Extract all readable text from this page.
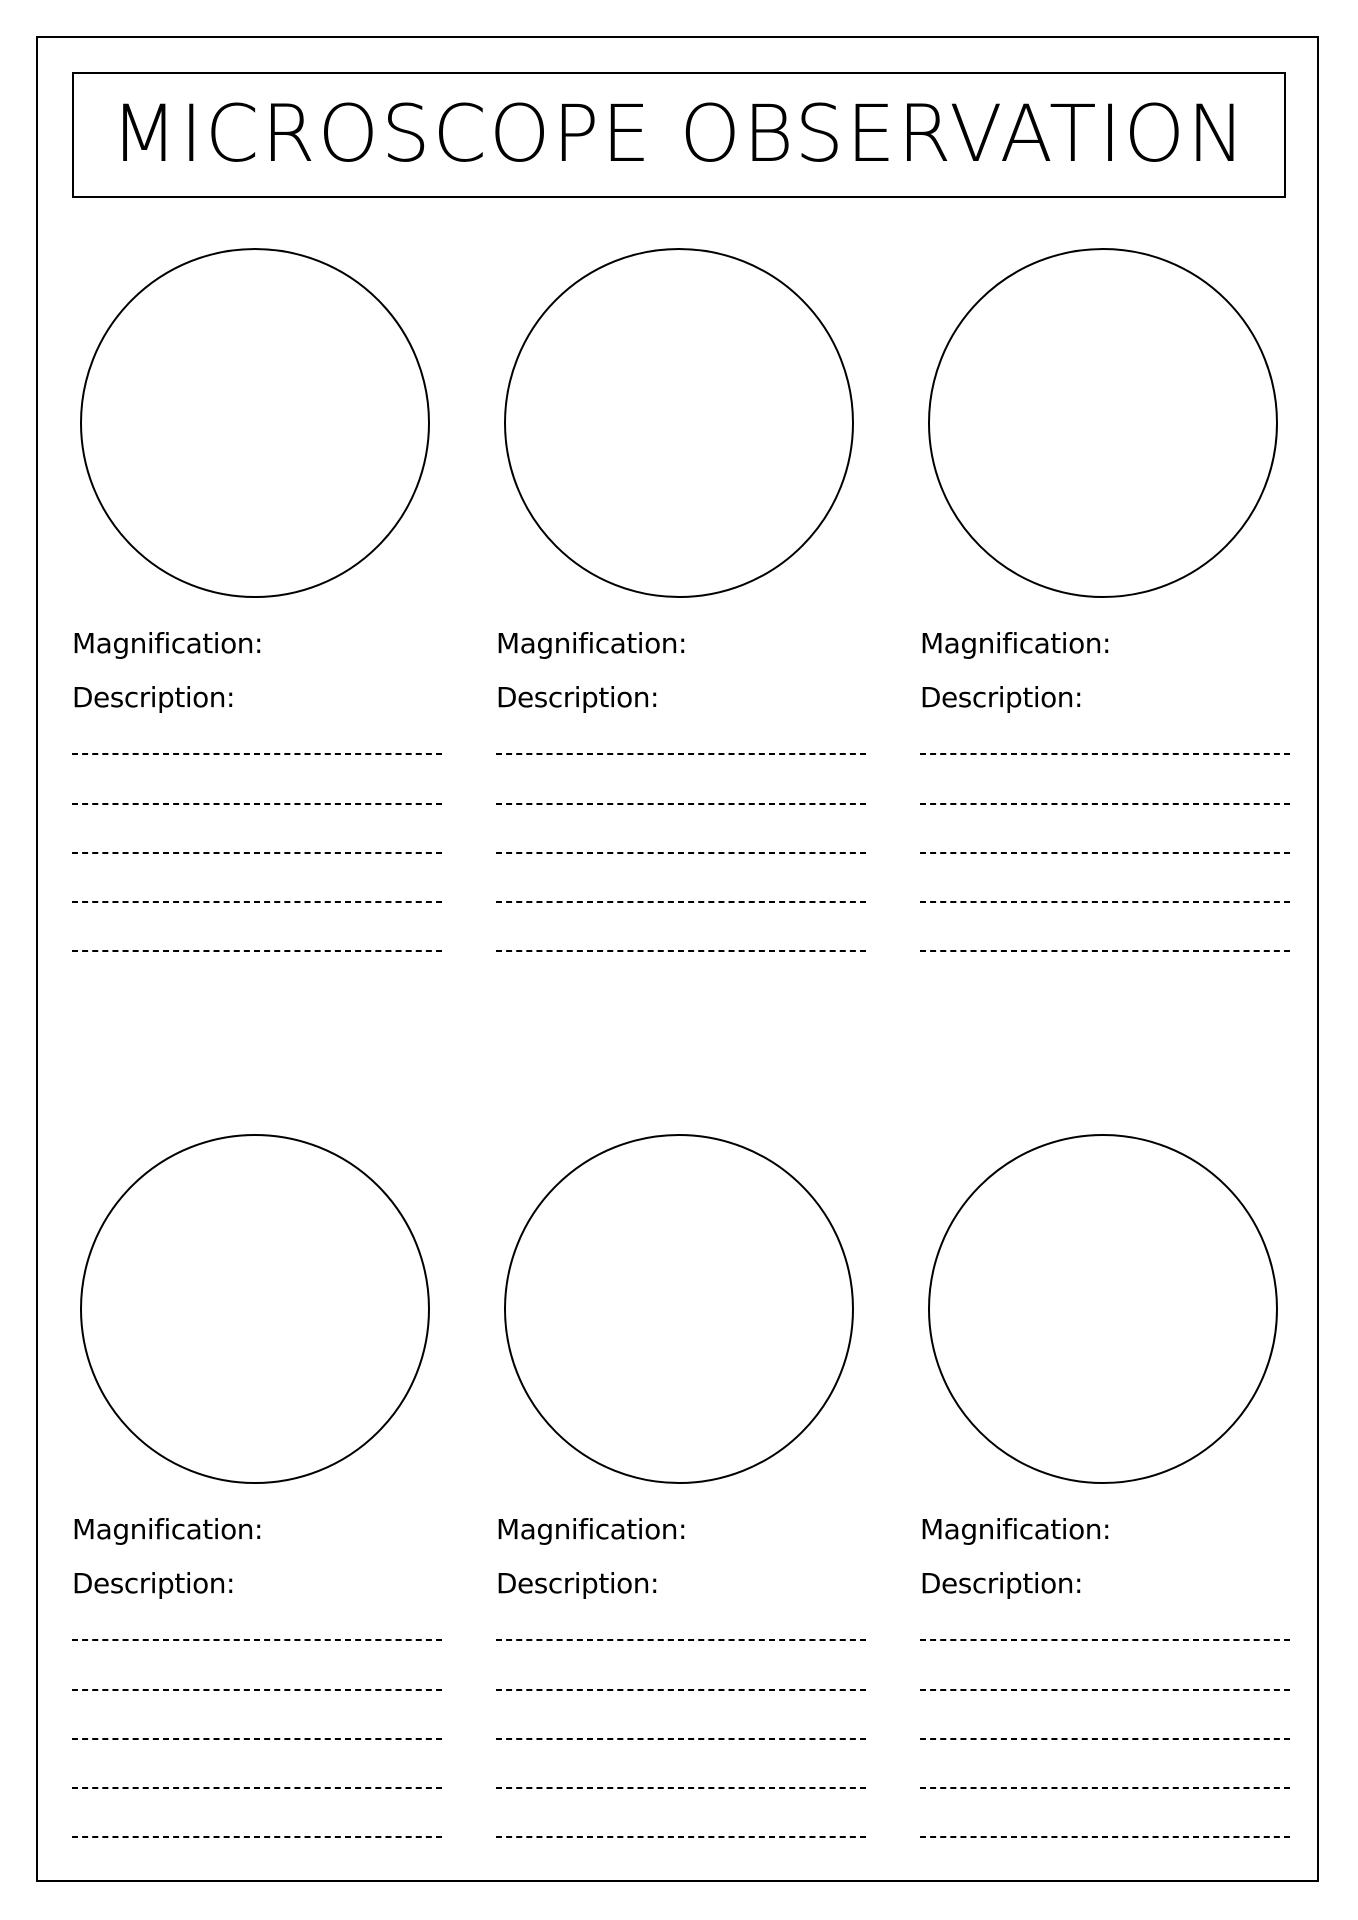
MICROSCOPE OBSERVATION
Magnification:
Description:
Magnification:
Description:
Magnification:
Description:
Magnification:
Description:
Magnification:
Description:
Magnification:
Description:
